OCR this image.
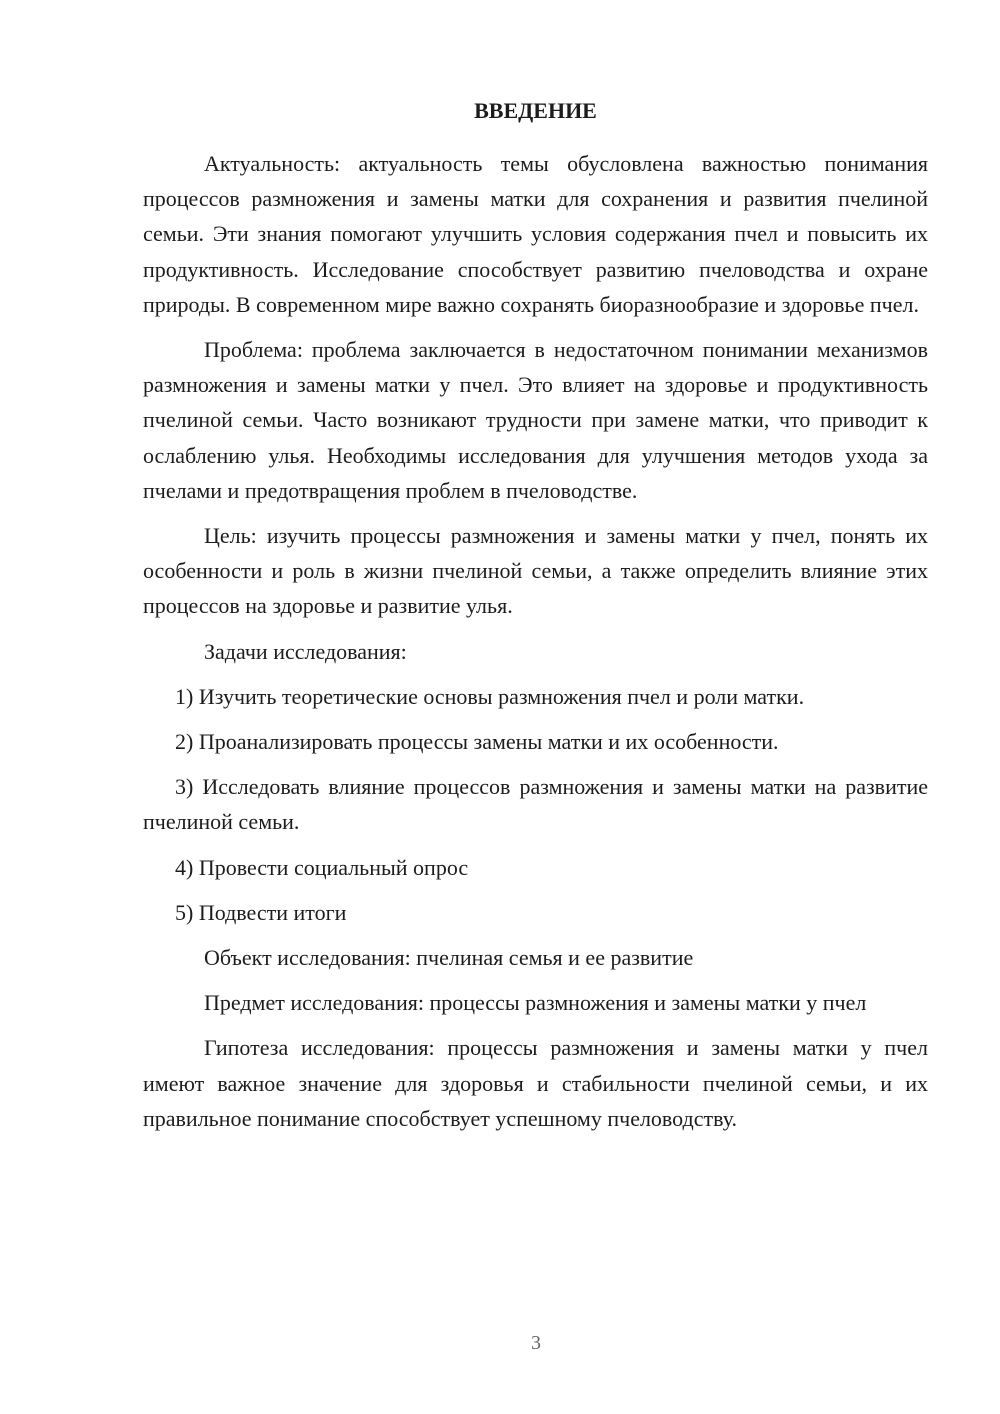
ВВЕДЕНИЕ

Актуальность: актуальность темы обусловлена важностью понимания процессов размножения и замены матки для сохранения и развития пчелиной семьи. Эти знания помогают улучшить условия содержания пчел и повысить их продуктивность. Исследование способствует развитию пчеловодства и охране природы. В современном мире важно сохранять биоразнообразие и здоровье пчел.

Проблема: проблема заключается в недостаточном понимании механизмов размножения и замены матки у пчел. Это влияет на здоровье и продуктивность пчелиной семьи. Часто возникают трудности при замене матки, что приводит к ослаблению улья. Необходимы исследования для улучшения методов ухода за пчелами и предотвращения проблем в пчеловодстве.

Цель: изучить процессы размножения и замены матки у пчел, понять их особенности и роль в жизни пчелиной семьи, а также определить влияние этих процессов на здоровье и развитие улья.

Задачи исследования:

1) Изучить теоретические основы размножения пчел и роли матки.

2) Проанализировать процессы замены матки и их особенности.

3) Исследовать влияние процессов размножения и замены матки на развитие пчелиной семьи.

4) Провести социальный опрос

5) Подвести итоги

Объект исследования: пчелиная семья и ее развитие

Предмет исследования: процессы размножения и замены матки у пчел

Гипотеза исследования: процессы размножения и замены матки у пчел имеют важное значение для здоровья и стабильности пчелиной семьи, и их правильное понимание способствует успешному пчеловодству.

3
